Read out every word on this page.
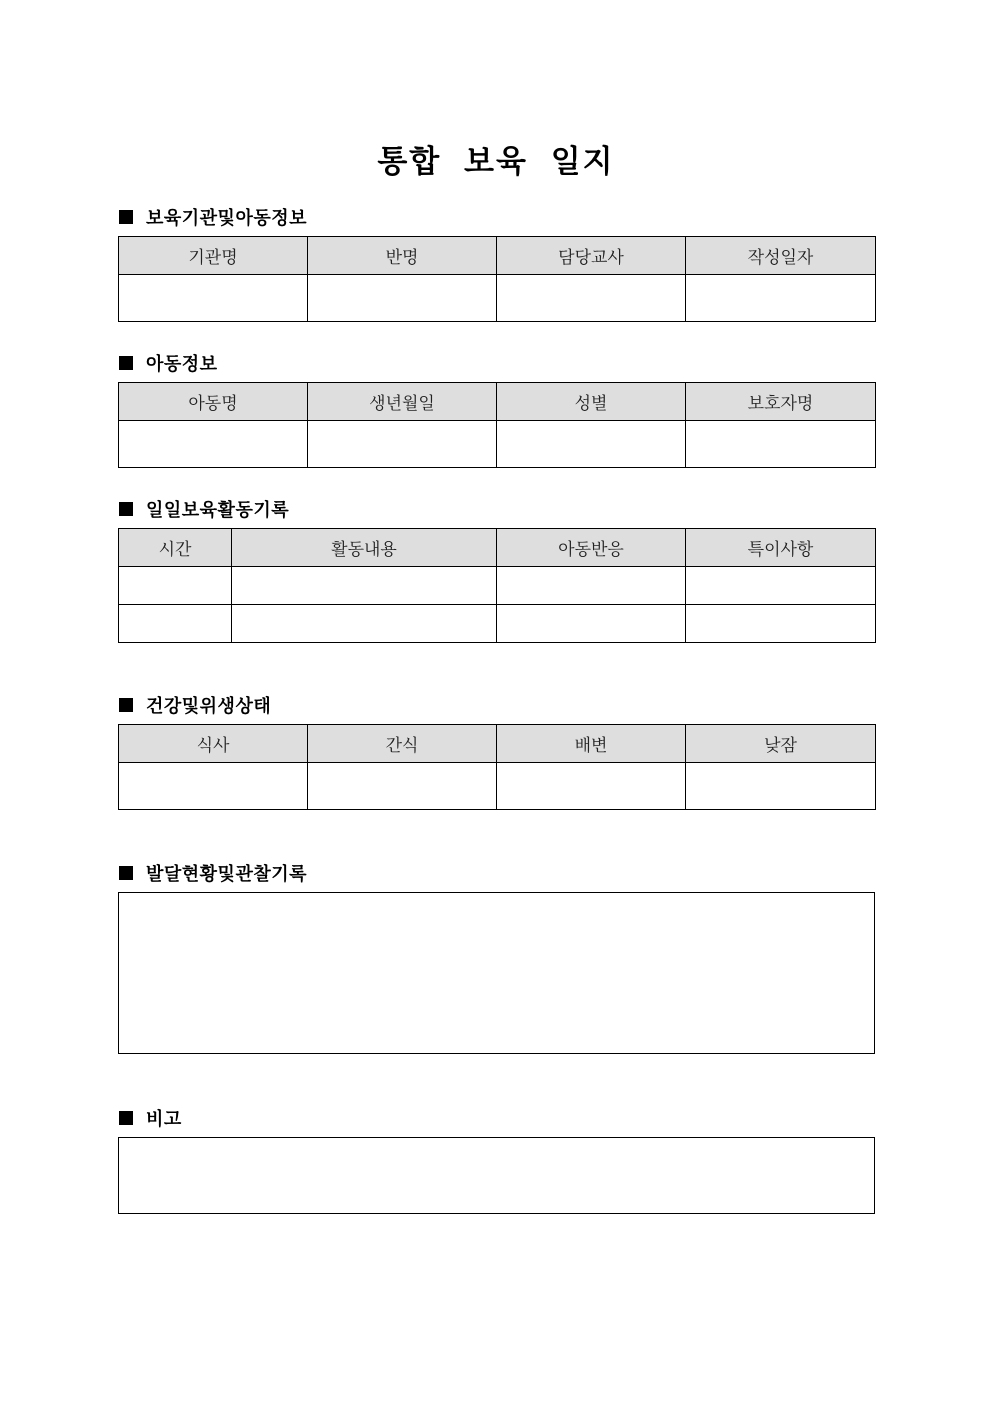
통합 보육 일지
보육기관및아동정보
기관명	반명	담당교사	작성일자

아동정보
아동명	생년월일	성별	보호자명

일일보육활동기록
시간	활동내용	아동반응	특이사항

건강및위생상태
식사	간식	배변	낮잠

발달현황및관찰기록
비고
